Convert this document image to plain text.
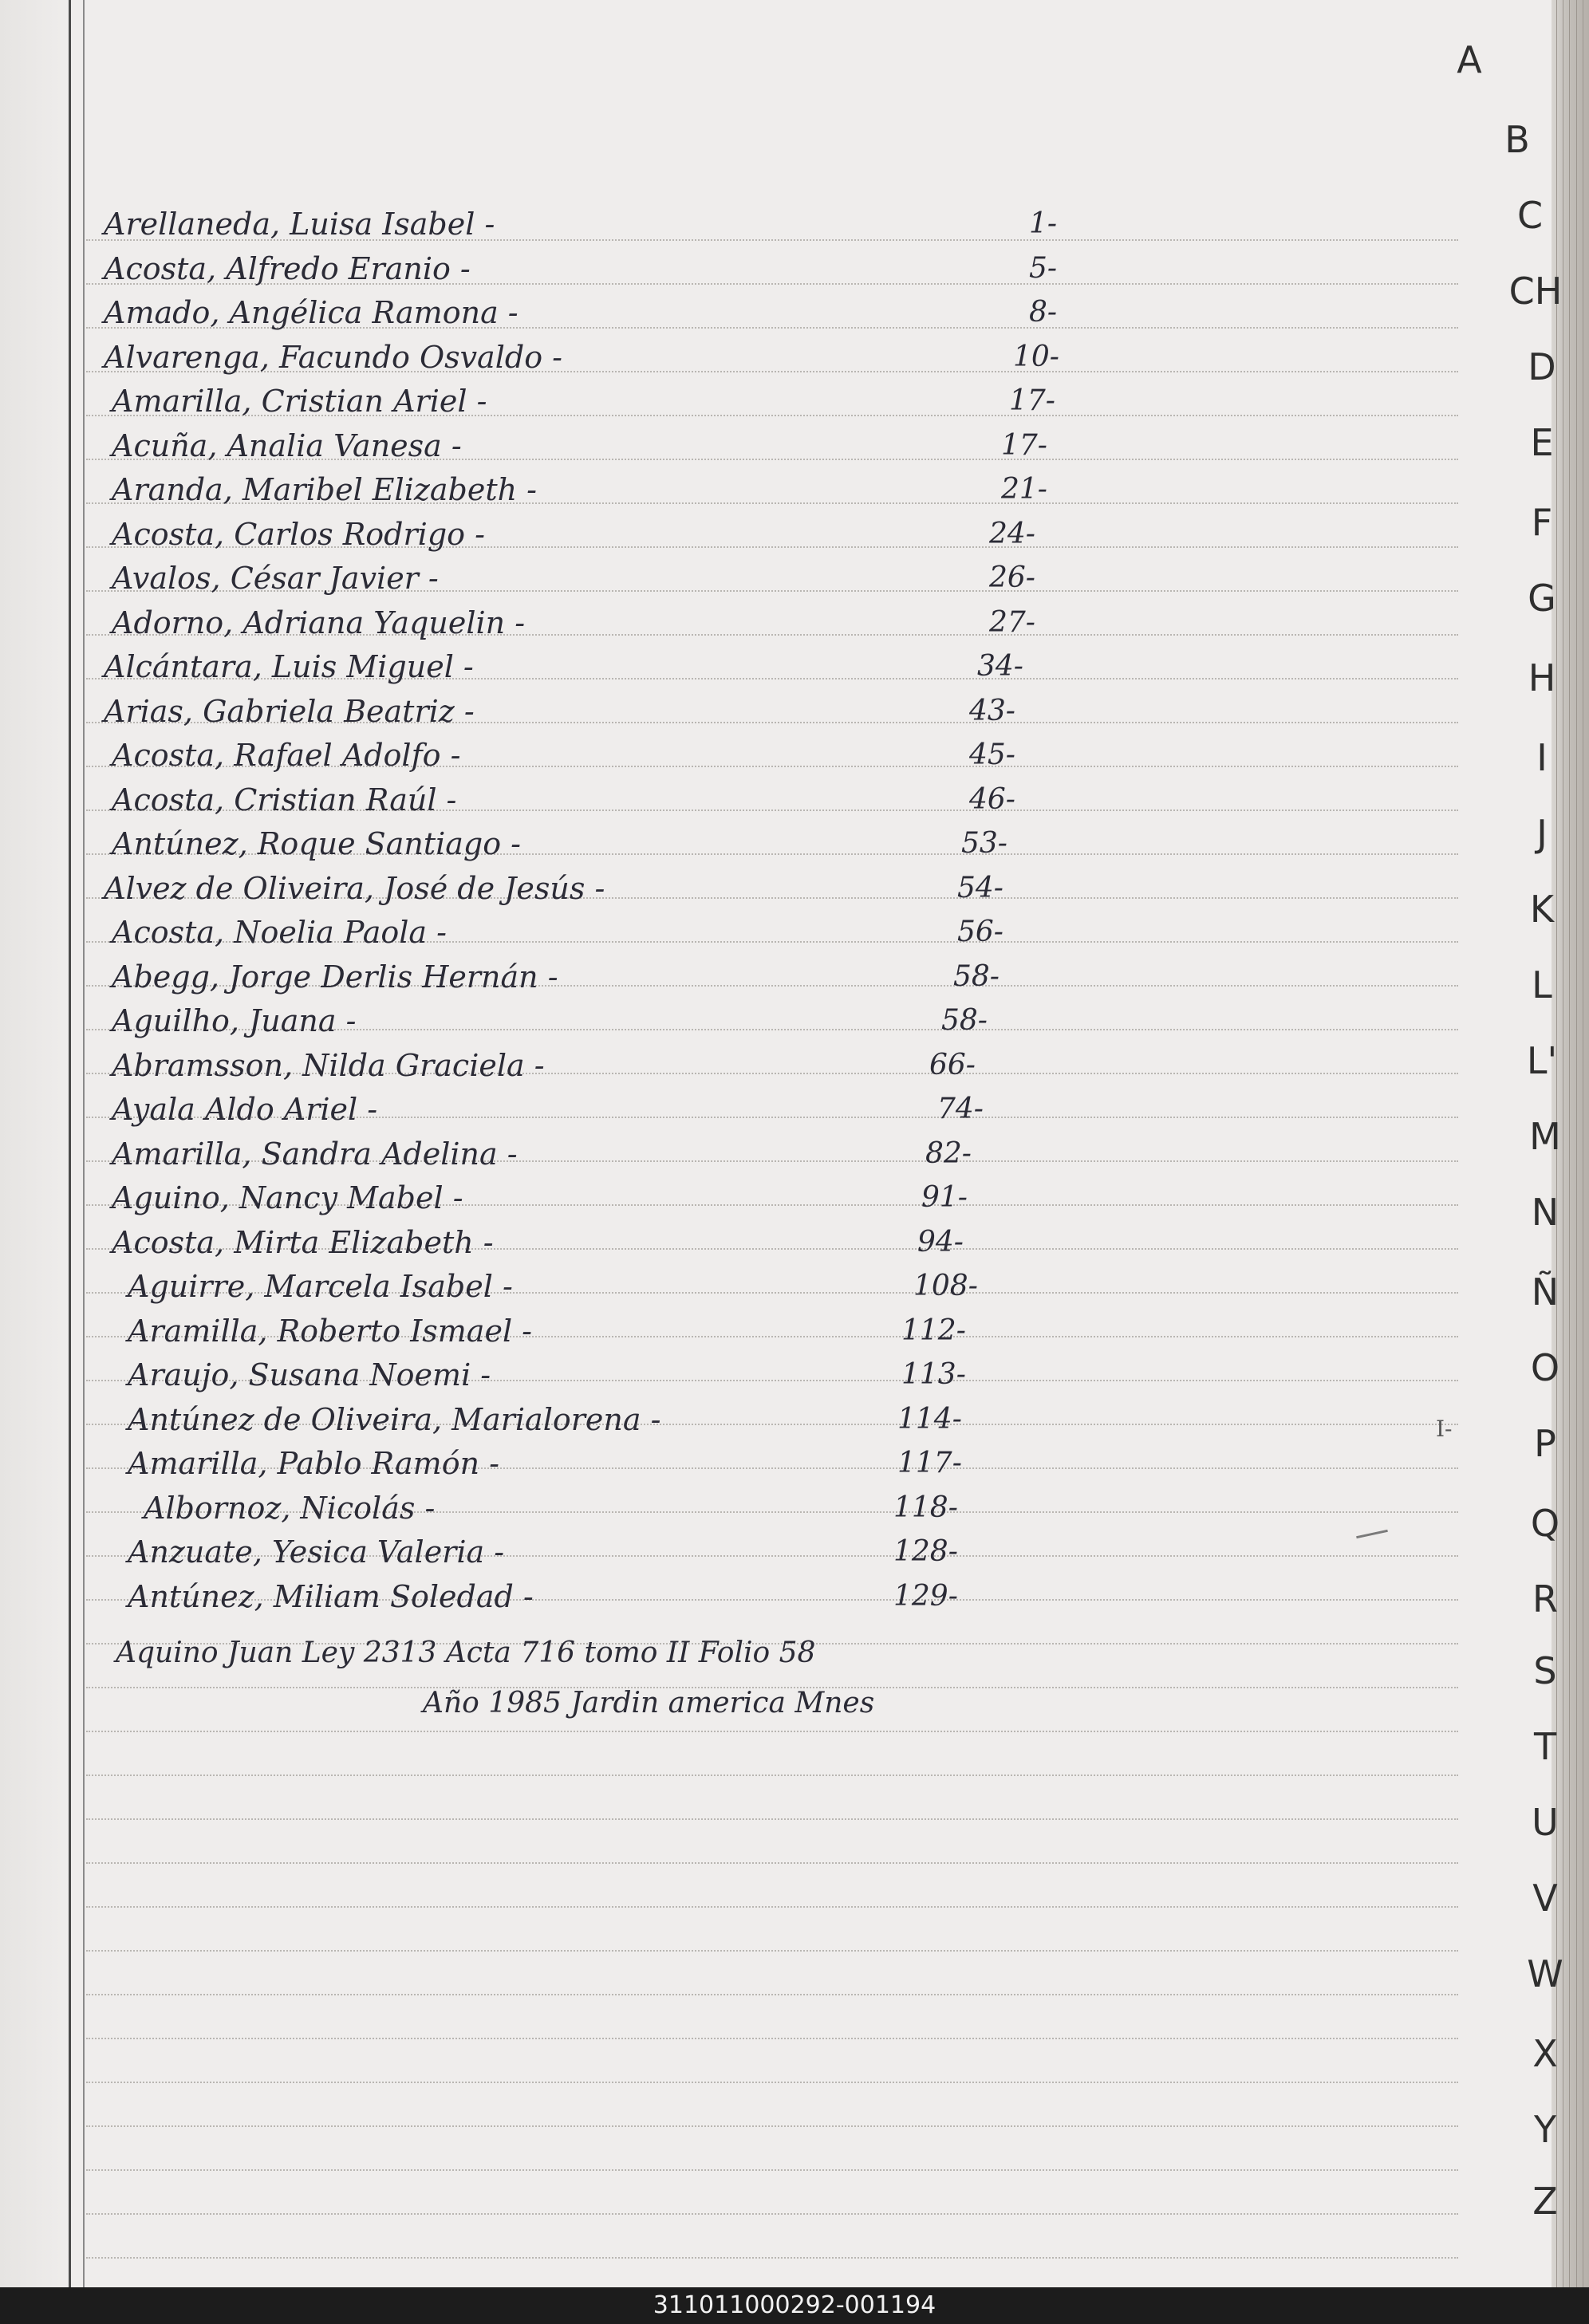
Arellaneda, Luisa Isabel -	1-
Acosta, Alfredo Eranio -	5-
Amado, Angélica Ramona -	8-
Alvarenga, Facundo Osvaldo -	10-
Amarilla, Cristian Ariel -	17-
Acuña, Analia Vanesa -	17-
Aranda, Maribel Elizabeth -	21-
Acosta, Carlos Rodrigo -	24-
Avalos, César Javier -	26-
Adorno, Adriana Yaquelin -	27-
Alcántara, Luis Miguel -	34-
Arias, Gabriela Beatriz -	43-
Acosta, Rafael Adolfo -	45-
Acosta, Cristian Raúl -	46-
Antúnez, Roque Santiago -	53-
Alvez de Oliveira, José de Jesús -	54-
Acosta, Noelia Paola -	56-
Abegg, Jorge Derlis Hernán -	58-
Aguilho, Juana -	58-
Abramsson, Nilda Graciela -	66-
Ayala Aldo Ariel -	74-
Amarilla, Sandra Adelina -	82-
Aguino, Nancy Mabel -	91-
Acosta, Mirta Elizabeth -	94-
Aguirre, Marcela Isabel -	108-
Aramilla, Roberto Ismael -	112-
Araujo, Susana Noemi -	113-
Antúnez de Oliveira, Marialorena -	114-
Amarilla, Pablo Ramón -	117-
Albornoz, Nicolás -	118-
Anzuate, Yesica Valeria -	128-
Antúnez, Miliam Soledad -	129-
Aquino Juan Ley 2313 Acta 716 tomo II Folio 58
Año 1985 Jardin america Mnes
I-
A
B
C
CH
D
E
F
G
H
I
J
K
L
L'
M
N
Ñ
O
P
Q
R
S
T
U
V
W
X
Y
Z
311011000292-001194
